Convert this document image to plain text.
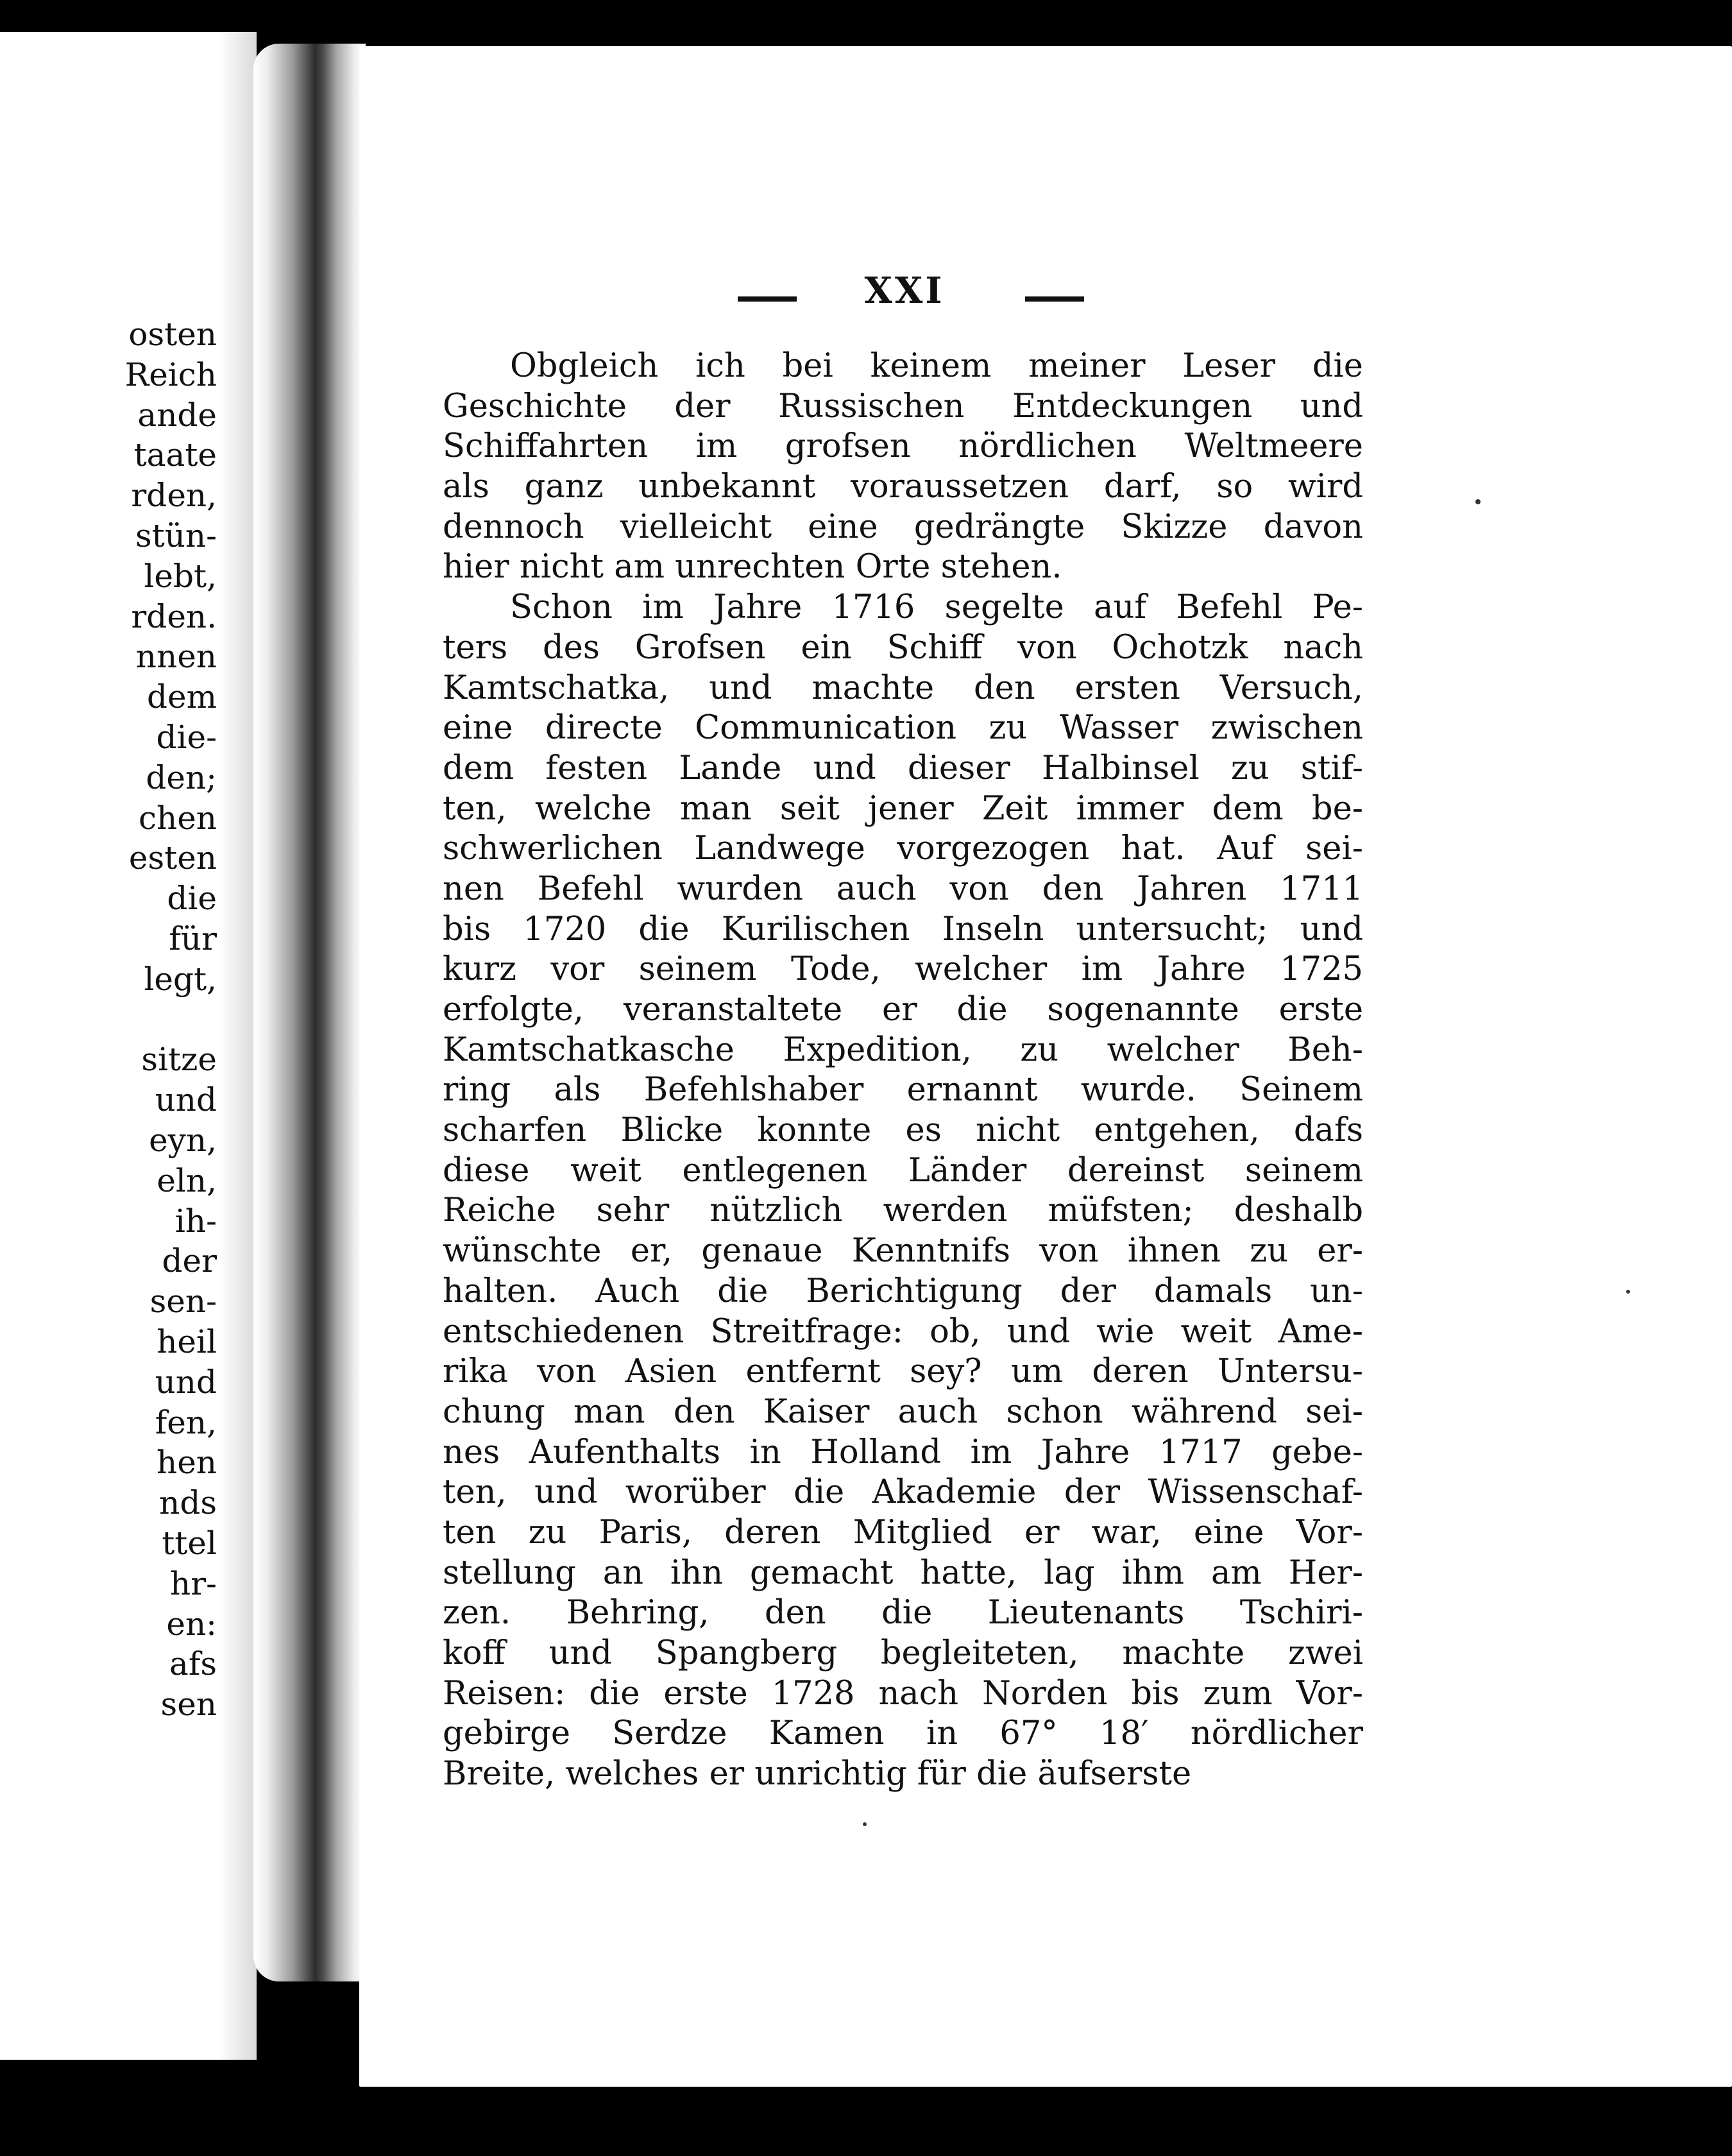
osten
Reich
ande
taate
rden,
stün-
lebt,
rden.
nnen
dem
die-
den;
chen
esten
die
für
legt,
sitze
und
eyn,
eln,
ih-
der
sen-
heil
und
fen,
hen
nds
ttel
hr-
en:
afs
sen
XXI
Obgleich ich bei keinem meiner Leser die
Geschichte der Russischen Entdeckungen und
Schiffahrten im grofsen nördlichen Weltmeere
als ganz unbekannt voraussetzen darf, so wird
dennoch vielleicht eine gedrängte Skizze davon
hier nicht am unrechten Orte stehen.
Schon im Jahre 1716 segelte auf Befehl Pe-
ters des Grofsen ein Schiff von Ochotzk nach
Kamtschatka, und machte den ersten Versuch,
eine directe Communication zu Wasser zwischen
dem festen Lande und dieser Halbinsel zu stif-
ten, welche man seit jener Zeit immer dem be-
schwerlichen Landwege vorgezogen hat. Auf sei-
nen Befehl wurden auch von den Jahren 1711
bis 1720 die Kurilischen Inseln untersucht; und
kurz vor seinem Tode, welcher im Jahre 1725
erfolgte, veranstaltete er die sogenannte erste
Kamtschatkasche Expedition, zu welcher Beh-
ring als Befehlshaber ernannt wurde. Seinem
scharfen Blicke konnte es nicht entgehen, dafs
diese weit entlegenen Länder dereinst seinem
Reiche sehr nützlich werden müfsten; deshalb
wünschte er, genaue Kenntnifs von ihnen zu er-
halten. Auch die Berichtigung der damals un-
entschiedenen Streitfrage: ob, und wie weit Ame-
rika von Asien entfernt sey? um deren Untersu-
chung man den Kaiser auch schon während sei-
nes Aufenthalts in Holland im Jahre 1717 gebe-
ten, und worüber die Akademie der Wissenschaf-
ten zu Paris, deren Mitglied er war, eine Vor-
stellung an ihn gemacht hatte, lag ihm am Her-
zen. Behring, den die Lieutenants Tschiri-
koff und Spangberg begleiteten, machte zwei
Reisen: die erste 1728 nach Norden bis zum Vor-
gebirge Serdze Kamen in 67° 18′ nördlicher
Breite, welches er unrichtig für die äufserste
